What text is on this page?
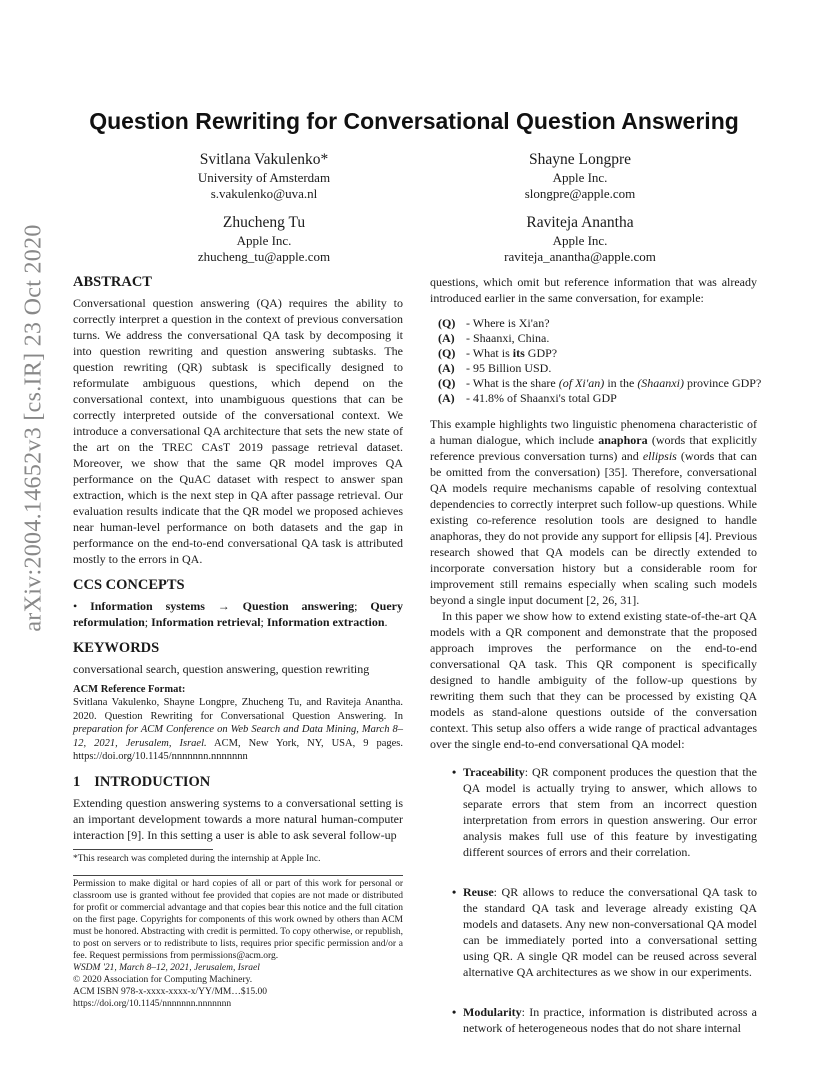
arXiv:2004.14652v3 [cs.IR] 23 Oct 2020
Question Rewriting for Conversational Question Answering
Svitlana Vakulenko*
University of Amsterdam
s.vakulenko@uva.nl
Shayne Longpre
Apple Inc.
slongpre@apple.com
Zhucheng Tu
Apple Inc.
zhucheng_tu@apple.com
Raviteja Anantha
Apple Inc.
raviteja_anantha@apple.com
ABSTRACT

Conversational question answering (QA) requires the ability to correctly interpret a question in the context of previous conversation turns. We address the conversational QA task by decomposing it into question rewriting and question answering subtasks. The question rewriting (QR) subtask is specifically designed to reformulate ambiguous questions, which depend on the conversational context, into unambiguous questions that can be correctly interpreted outside of the conversational context. We introduce a conversational QA architecture that sets the new state of the art on the TREC CAsT 2019 passage retrieval dataset. Moreover, we show that the same QR model improves QA performance on the QuAC dataset with respect to answer span extraction, which is the next step in QA after passage retrieval. Our evaluation results indicate that the QR model we proposed achieves near human-level performance on both datasets and the gap in performance on the end-to-end conversational QA task is attributed mostly to the errors in QA.

CCS CONCEPTS

• Information systems → Question answering; Query reformulation; Information retrieval; Information extraction.

KEYWORDS

conversational search, question answering, question rewriting

ACM Reference Format:

Svitlana Vakulenko, Shayne Longpre, Zhucheng Tu, and Raviteja Anantha. 2020. Question Rewriting for Conversational Question Answering. In preparation for ACM Conference on Web Search and Data Mining, March 8–12, 2021, Jerusalem, Israel. ACM, New York, NY, USA, 9 pages. https://doi.org/10.1145/nnnnnnn.nnnnnnn

1 INTRODUCTION

Extending question answering systems to a conversational setting is an important development towards a more natural human-computer interaction [9]. In this setting a user is able to ask several follow-up

*This research was completed during the internship at Apple Inc.

Permission to make digital or hard copies of all or part of this work for personal or classroom use is granted without fee provided that copies are not made or distributed for profit or commercial advantage and that copies bear this notice and the full citation on the first page. Copyrights for components of this work owned by others than ACM must be honored. Abstracting with credit is permitted. To copy otherwise, or republish, to post on servers or to redistribute to lists, requires prior specific permission and/or a fee. Request permissions from permissions@acm.org.

WSDM '21, March 8–12, 2021, Jerusalem, Israel
© 2020 Association for Computing Machinery.
ACM ISBN 978-x-xxxx-xxxx-x/YY/MM…$15.00
https://doi.org/10.1145/nnnnnnn.nnnnnnn

questions, which omit but reference information that was already introduced earlier in the same conversation, for example:

(Q) - Where is Xi'an?
(A) - Shaanxi, China.
(Q) - What is its GDP?
(A) - 95 Billion USD.
(Q) - What is the share (of Xi'an) in the (Shaanxi) province GDP?
(A) - 41.8% of Shaanxi's total GDP

This example highlights two linguistic phenomena characteristic of a human dialogue, which include anaphora (words that explicitly reference previous conversation turns) and ellipsis (words that can be omitted from the conversation) [35]. Therefore, conversational QA models require mechanisms capable of resolving contextual dependencies to correctly interpret such follow-up questions. While existing co-reference resolution tools are designed to handle anaphoras, they do not provide any support for ellipsis [4]. Previous research showed that QA models can be directly extended to incorporate conversation history but a considerable room for improvement still remains especially when scaling such models beyond a single input document [2, 26, 31].

In this paper we show how to extend existing state-of-the-art QA models with a QR component and demonstrate that the proposed approach improves the performance on the end-to-end conversational QA task. This QR component is specifically designed to handle ambiguity of the follow-up questions by rewriting them such that they can be processed by existing QA models as stand-alone questions outside of the conversation context. This setup also offers a wide range of practical advantages over the single end-to-end conversational QA model:

• Traceability: QR component produces the question that the QA model is actually trying to answer, which allows to separate errors that stem from an incorrect question interpretation from errors in question answering. Our error analysis makes full use of this feature by investigating different sources of errors and their correlation.
• Reuse: QR allows to reduce the conversational QA task to the standard QA task and leverage already existing QA models and datasets. Any new non-conversational QA model can be immediately ported into a conversational setting using QR. A single QR model can be reused across several alternative QA architectures as we show in our experiments.
• Modularity: In practice, information is distributed across a network of heterogeneous nodes that do not share internal
